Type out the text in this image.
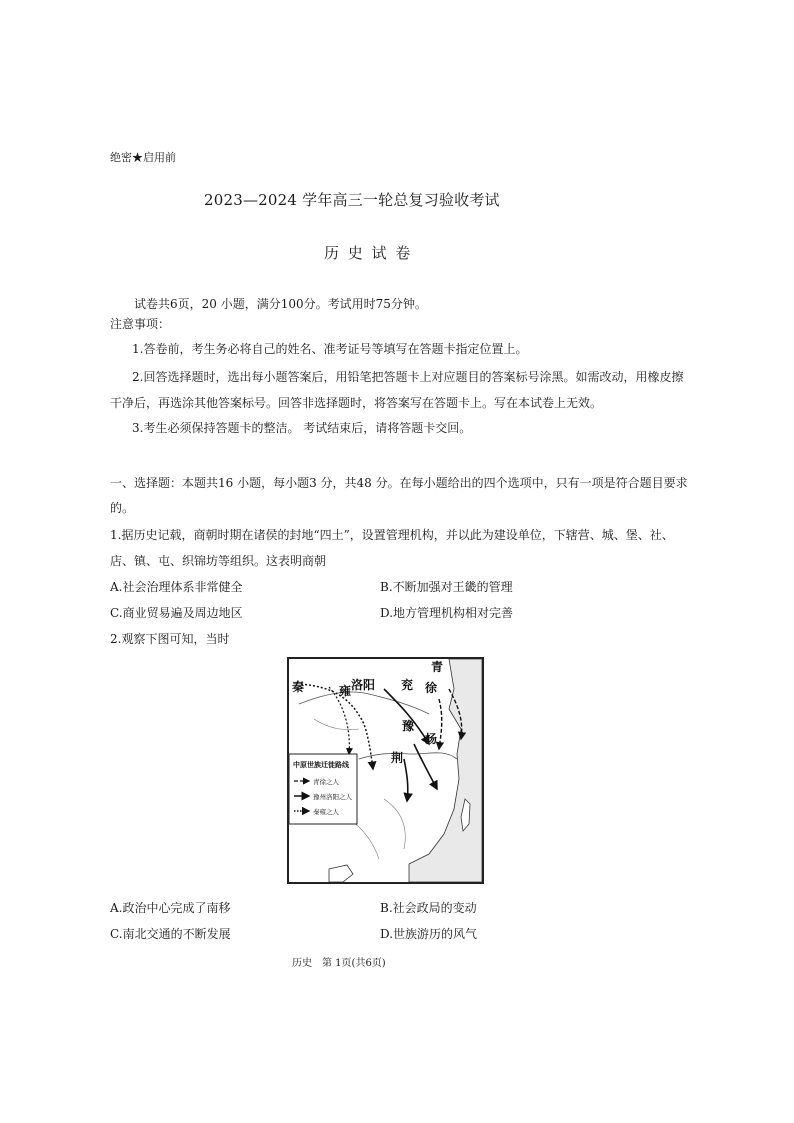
绝密★启用前
2023—2024 学年高三一轮总复习验收考试
历 史 试 卷
试卷共6页，20 小题，满分100分。考试用时75分钟。
注意事项：
1.答卷前，考生务必将自己的姓名、准考证号等填写在答题卡指定位置上。
2.回答选择题时，选出每小题答案后，用铅笔把答题卡上对应题目的答案标号涂黑。如需改动，用橡皮擦
干净后，再选涂其他答案标号。回答非选择题时，将答案写在答题卡上。写在本试卷上无效。
3.考生必须保持答题卡的整洁。 考试结束后，请将答题卡交回。
一、选择题：本题共16 小题，每小题3 分，共48 分。在每小题给出的四个选项中，只有一项是符合题目要求
的。
1.据历史记载，商朝时期在诸侯的封地“四土”，设置管理机构，并以此为建设单位，下辖营、城、堡、社、
店、镇、屯、织锦坊等组织。这表明商朝
A.社会治理体系非常健全	B.不断加强对王畿的管理
C.商业贸易遍及周边地区	D.地方管理机构相对完善
2.观察下图可知，当时
青
秦	雍 洛阳 兖 徐
豫
荆
扬
中原世族迁徙路线
青徐之人
豫州洛阳之人
秦雍之人
A.政治中心完成了南移	B.社会政局的变动
C.南北交通的不断发展	D.世族游历的风气
历史　第 1页(共6页)
